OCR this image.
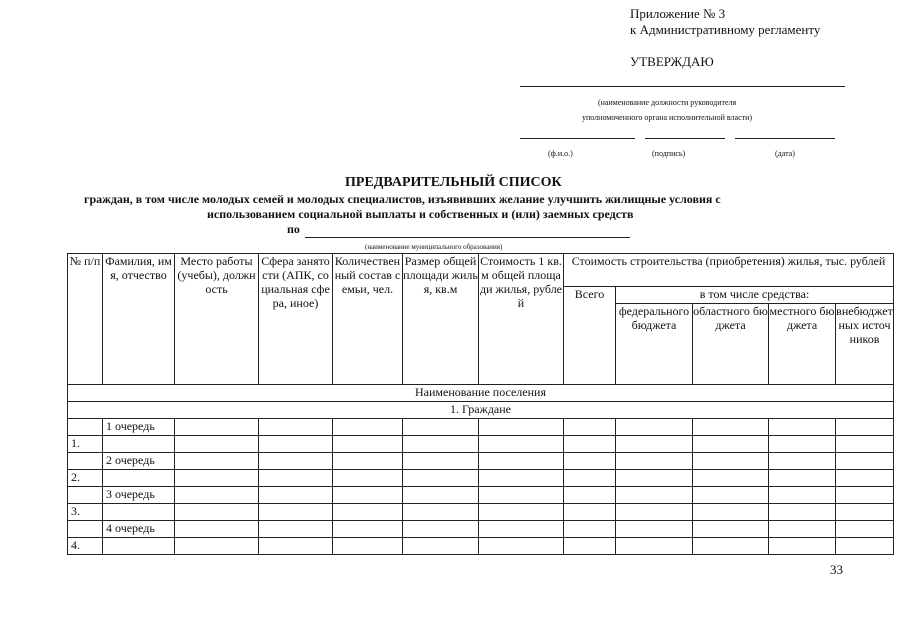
Приложение № 3
к Административному регламенту
УТВЕРЖДАЮ
(наименование должности руководителя
уполномоченного органа исполнительной власти)
(ф.и.о.)	(подпись)	(дата)
ПРЕДВАРИТЕЛЬНЫЙ СПИСОК
граждан, в том числе молодых семей и молодых специалистов, изъявивших желание улучшить жилищные условия с
использованием социальной выплаты и собственных и (или) заемных средств
по
(наименование муниципального образования)
№ п/п	Фамилия, имя, отчество	Место работы (учебы), должность	Сфера занятости (АПК, социальная сфера, иное)	Количественный состав семьи, чел.	Размер общей площади жилья, кв.м	Стоимость 1 кв.м общей площади жилья, рублей	Стоимость строительства (приобретения) жилья, тыс. рублей				
							Всего	в том числе средства:			
								федерального бюджета	областного бюджета	местного бюджета	внебюджетных источников
Наименование поселения											
1. Граждане											
	1 очередь										
1.											
	2 очередь										
2.											
	3 очередь										
3.											
	4 очередь										
4.											
33
